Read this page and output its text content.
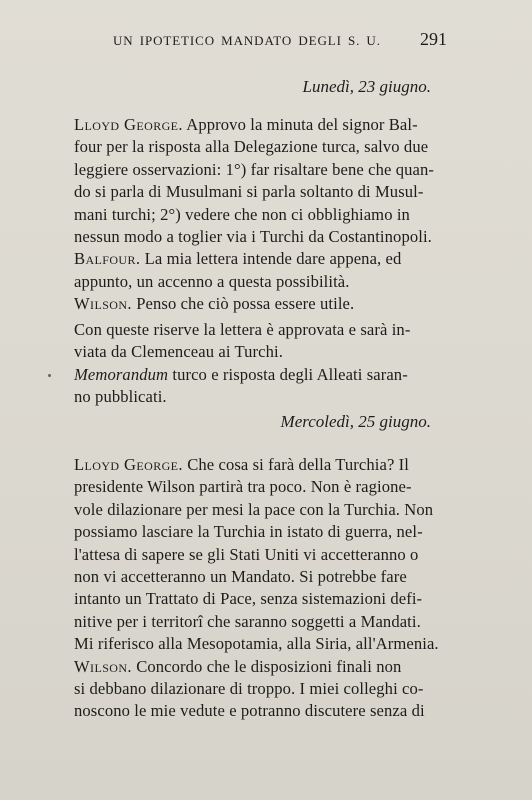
UN IPOTETICO MANDATO DEGLI S. U. 291
Lunedì, 23 giugno.
Lloyd George. Approvo la minuta del signor Bal-
four per la risposta alla Delegazione turca, salvo due
leggiere osservazioni: 1°) far risaltare bene che quan-
do si parla di Musulmani si parla soltanto di Musul-
mani turchi; 2°) vedere che non ci obblighiamo in
nessun modo a toglier via i Turchi da Costantinopoli.
Balfour. La mia lettera intende dare appena, ed
appunto, un accenno a questa possibilità.
Wilson. Penso che ciò possa essere utile.
Con queste riserve la lettera è approvata e sarà in-
viata da Clemenceau ai Turchi.
Memorandum turco e risposta degli Alleati saran-
no pubblicati.
Mercoledì, 25 giugno.
Lloyd George. Che cosa si farà della Turchia? Il
presidente Wilson partirà tra poco. Non è ragione-
vole dilazionare per mesi la pace con la Turchia. Non
possiamo lasciare la Turchia in istato di guerra, nel-
l'attesa di sapere se gli Stati Uniti vi accetteranno o
non vi accetteranno un Mandato. Si potrebbe fare
intanto un Trattato di Pace, senza sistemazioni defi-
nitive per i territorî che saranno soggetti a Mandati.
Mi riferisco alla Mesopotamia, alla Siria, all'Armenia.
Wilson. Concordo che le disposizioni finali non
si debbano dilazionare di troppo. I miei colleghi co-
noscono le mie vedute e potranno discutere senza di
